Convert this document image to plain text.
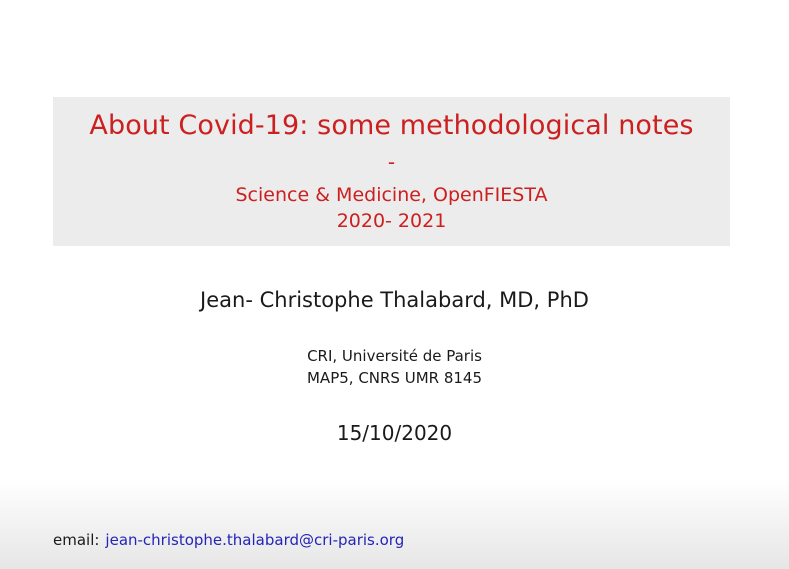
About Covid-19: some methodological notes
-
Science & Medicine, OpenFIESTA
2020- 2021
Jean- Christophe Thalabard, MD, PhD
CRI, Université de Paris
MAP5, CNRS UMR 8145
15/10/2020
email: jean-christophe.thalabard@cri-paris.org
